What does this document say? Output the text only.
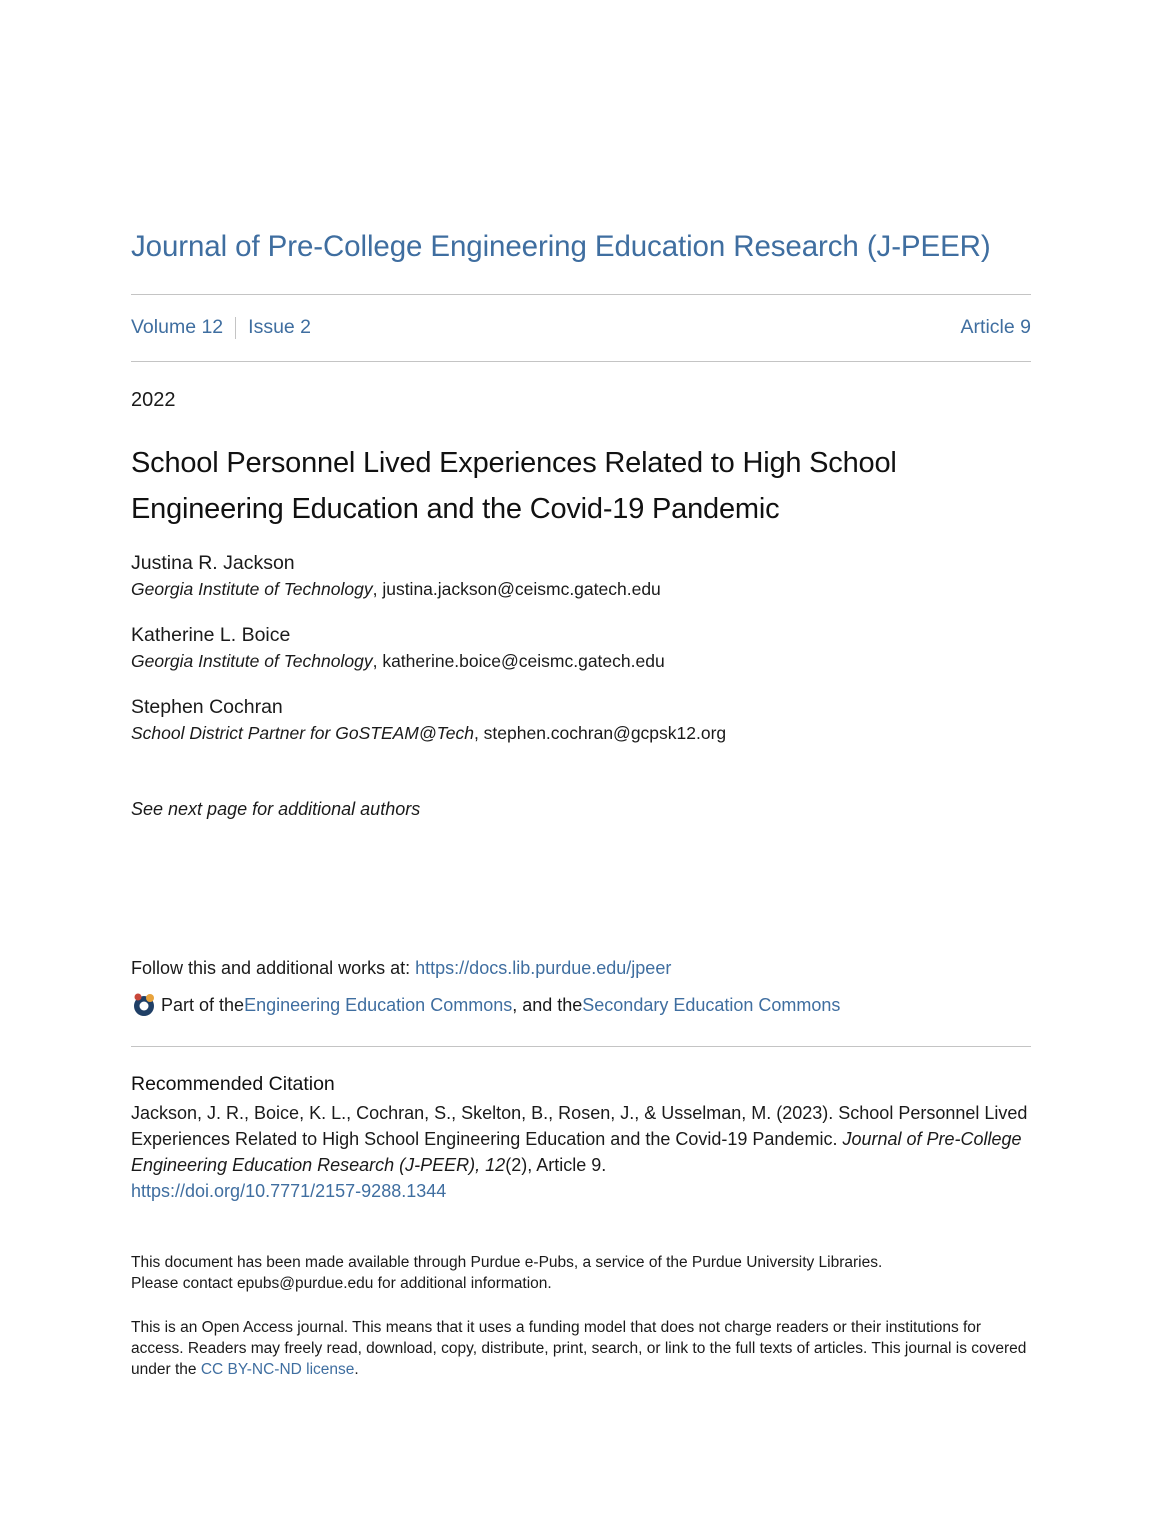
Journal of Pre-College Engineering Education Research (J-PEER)
Volume 12 Issue 2	Article 9
2022
School Personnel Lived Experiences Related to High School
Engineering Education and the Covid-19 Pandemic
Justina R. Jackson
Georgia Institute of Technology, justina.jackson@ceismc.gatech.edu
Katherine L. Boice
Georgia Institute of Technology, katherine.boice@ceismc.gatech.edu
Stephen Cochran
School District Partner for GoSTEAM@Tech, stephen.cochran@gcpsk12.org
See next page for additional authors
Follow this and additional works at: https://docs.lib.purdue.edu/jpeer
Part of the Engineering Education Commons , and the Secondary Education Commons
Recommended Citation
Jackson, J. R., Boice, K. L., Cochran, S., Skelton, B., Rosen, J., & Usselman, M. (2023). School Personnel Lived Experiences Related to High School Engineering Education and the Covid-19 Pandemic. Journal of Pre-College Engineering Education Research (J-PEER), 12(2), Article 9.
https://doi.org/10.7771/2157-9288.1344
This document has been made available through Purdue e-Pubs, a service of the Purdue University Libraries.
Please contact epubs@purdue.edu for additional information.
This is an Open Access journal. This means that it uses a funding model that does not charge readers or their institutions for access. Readers may freely read, download, copy, distribute, print, search, or link to the full texts of articles. This journal is covered under the CC BY-NC-ND license.
